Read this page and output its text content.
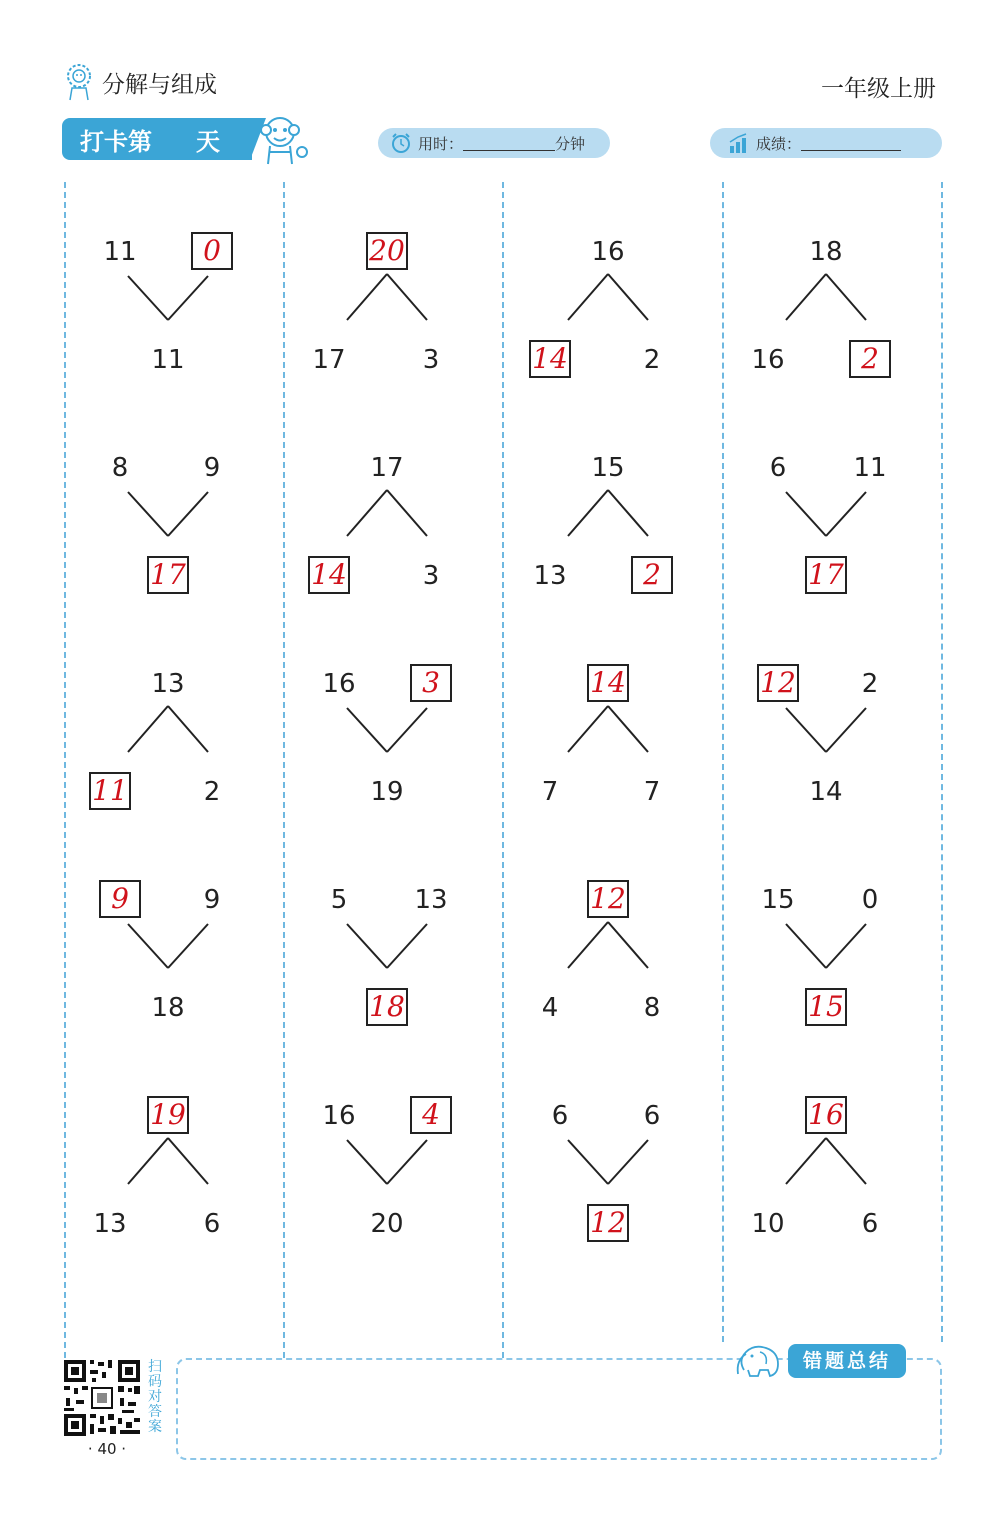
分解与组成	一年级上册
打卡第 天	用时：	分钟	成绩：
11	0
11
20
17	3
16
14	2
18
16	2
8	9
17
17
14	3
15
13	2
6	11
17
13
11	2
16	3
19
14
7	7
12	2
14
9	9
18
5	13
18
12
4	8
15	0
15
19
13	6
16	4
20
6	6
12
16
10	6
错题总结
扫码对答案
· 40 ·
